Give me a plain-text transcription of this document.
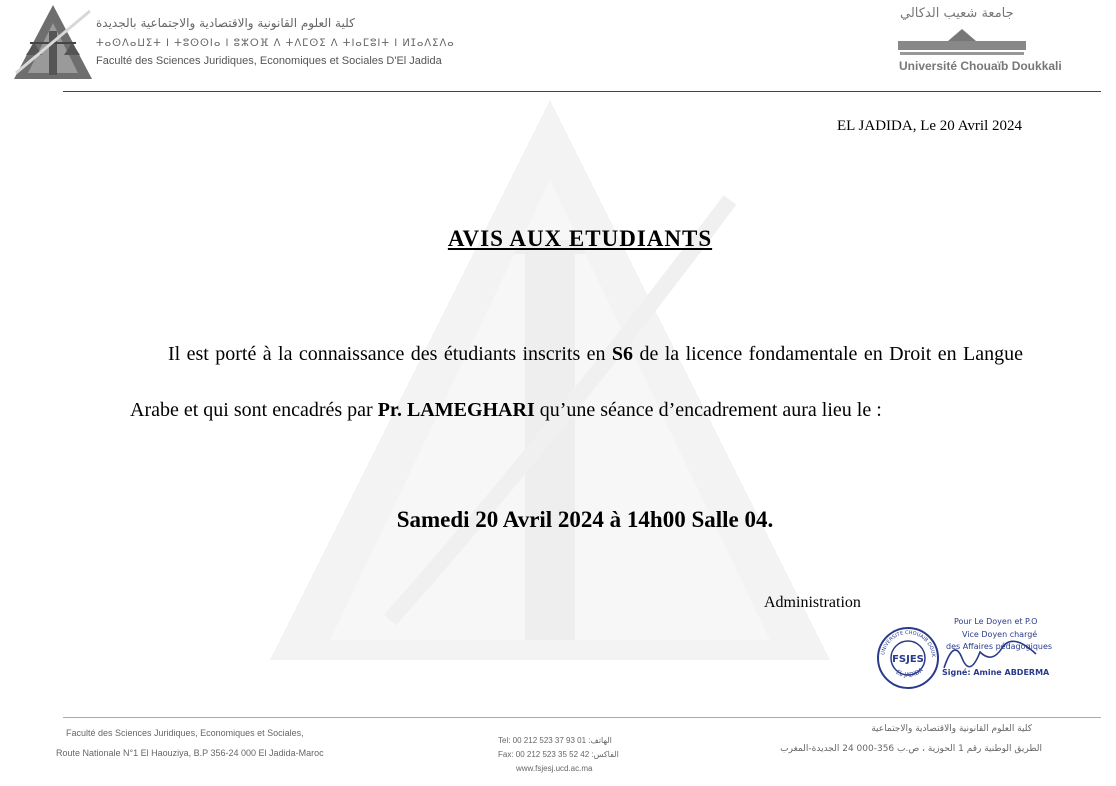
كلية العلوم القانونية والاقتصادية والاجتماعية بالجديدة
ⵜⴰⵙⴷⴰⵡⵉⵜ ⵏ ⵜⵓⵙⵙⵏⴰ ⵏ ⵓⵣⵔⴼ ⴷ ⵜⴷⵎⵙⵉ ⴷ ⵜⵏⴰⵎⵓⵏⵜ ⵏ ⵍⵊⴰⴷⵉⴷⴰ
Faculté des Sciences Juridiques, Economiques et Sociales D'El Jadida
جامعة شعيب الدكالي
Université Chouaïb Doukkali
EL JADIDA, Le 20 Avril 2024
AVIS AUX ETUDIANTS

Il est porté à la connaissance des étudiants inscrits en S6 de la licence fondamentale en Droit en Langue Arabe et qui sont encadrés par Pr. LAMEGHARI qu’une séance d’encadrement aura lieu le :

Samedi 20 Avril 2024 à 14h00 Salle 04.
Administration
FSJES
UNIVERSITE CHOUAIB DOUK
EL JADIDA
Pour Le Doyen et P.O
Vice Doyen chargé
des Affaires pédagogiques
Signé: Amine ABDERMA
Faculté des Sciences Juridiques, Economiques et Sociales,
Route Nationale N°1 El Haouziya, B.P 356-24 000 El Jadida-Maroc
Tel: 00 212 523 37 93 01 :الهاتف
Fax: 00 212 523 35 52 42 :الفاكس
www.fsjesj.ucd.ac.ma
كلية العلوم القانونية والاقتصادية والاجتماعية
الطريق الوطنية رقم 1 الحوزية ، ص.ب 356-000 24 الجديدة-المغرب
